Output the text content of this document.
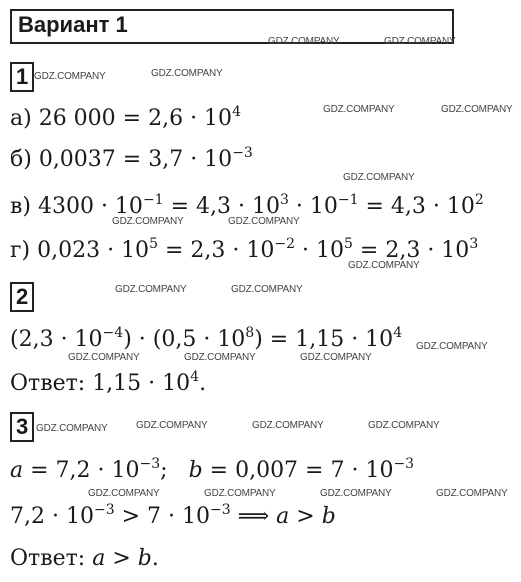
Вариант 1
1
а) 26 $000 = 2,6 \cdot 10^4$
б) $0,0037 = 3,7 \cdot 10^{-3}$
в) $4300 \cdot 10^{-1} = 4,3 \cdot 10^3 \cdot 10^{-1} = 4,3 \cdot 10^2$
г) $0,023 \cdot 10^5 = 2,3 \cdot 10^{-2} \cdot 10^5 = 2,3 \cdot 10^3$
2
$(2,3 \cdot 10^{-4}) \cdot (0,5 \cdot 10^8) = 1,15 \cdot 10^4$
Ответ: $1,15 \cdot 10^4$.
3
$a = 7,2 \cdot 10^{-3}$;   $b = 0,007 = 7 \cdot 10^{-3}$
$7,2 \cdot 10^{-3} > 7 \cdot 10^{-3}$ ⟹ a > b
Ответ: a > b.
GDZ.COMPANY	GDZ.COMPANY
GDZ.COMPANY	GDZ.COMPANY
GDZ.COMPANY	GDZ.COMPANY
GDZ.COMPANY
GDZ.COMPANY	GDZ.COMPANY
GDZ.COMPANY
GDZ.COMPANY	GDZ.COMPANY
GDZ.COMPANY
GDZ.COMPANY	GDZ.COMPANY	GDZ.COMPANY
GDZ.COMPANY	GDZ.COMPANY	GDZ.COMPANY	GDZ.COMPANY
GDZ.COMPANY	GDZ.COMPANY	GDZ.COMPANY	GDZ.COMPANY
